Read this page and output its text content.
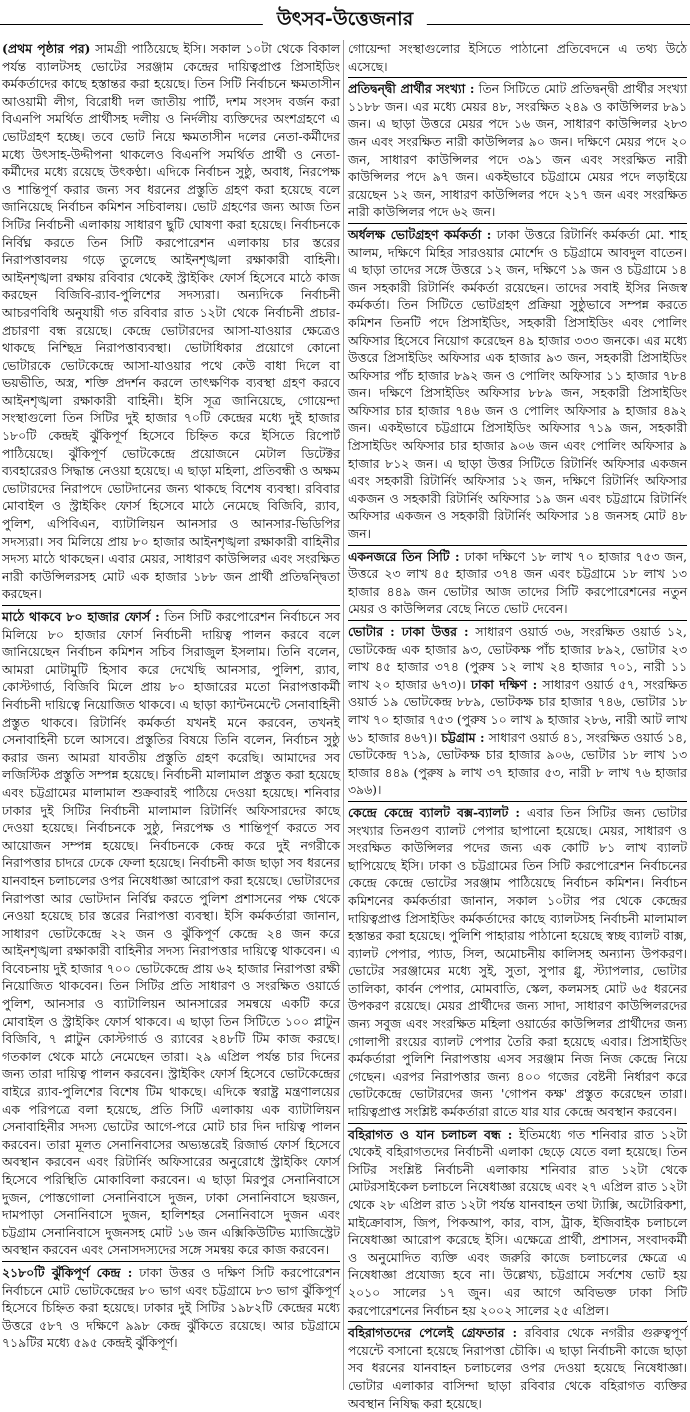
উৎসব-উত্তেজনার

(প্রথম পৃষ্ঠার পর) সামগ্রী পাঠিয়েছে ইসি। সকাল ১০টা থেকে বিকাল পর্যন্ত ব্যালটসহ ভোটের সরঞ্জাম কেন্দ্রের দায়িত্বপ্রাপ্ত প্রিসাইডিং কর্মকর্তাদের কাছে হস্তান্তর করা হয়েছে। তিন সিটি নির্বাচনে ক্ষমতাসীন আওয়ামী লীগ, বিরোধী দল জাতীয় পার্টি, দশম সংসদ বর্জন করা বিএনপি সমর্থিত প্রার্থীসহ দলীয় ও নির্দলীয় ব্যক্তিদের অংশগ্রহণে এ ভোটগ্রহণ হচ্ছে। তবে ভোট নিয়ে ক্ষমতাসীন দলের নেতা-কর্মীদের মধ্যে উৎসাহ-উদ্দীপনা থাকলেও বিএনপি সমর্থিত প্রার্থী ও নেতা-কর্মীদের মধ্যে রয়েছে উৎকণ্ঠা। এদিকে নির্বাচন সুষ্ঠু, অবাধ, নিরপেক্ষ ও শান্তিপূর্ণ করার জন্য সব ধরনের প্রস্তুতি গ্রহণ করা হয়েছে বলে জানিয়েছে নির্বাচন কমিশন সচিবালয়। ভোট গ্রহণের জন্য আজ তিন সিটির নির্বাচনী এলাকায় সাধারণ ছুটি ঘোষণা করা হয়েছে। নির্বাচনকে নির্বিঘ্ন করতে তিন সিটি করপোরেশন এলাকায় চার স্তরের নিরাপত্তাবলয় গড়ে তুলেছে আইনশৃঙ্খলা রক্ষাকারী বাহিনী। আইনশৃঙ্খলা রক্ষায় রবিবার থেকেই স্ট্রাইকিং ফোর্স হিসেবে মাঠে কাজ করছেন বিজিবি-র‍্যাব-পুলিশের সদস্যরা। অন্যদিকে নির্বাচনী আচরণবিধি অনুযায়ী গত রবিবার রাত ১২টা থেকে নির্বাচনী প্রচার-প্রচারণা বন্ধ রয়েছে। কেন্দ্রে ভোটারদের আসা-যাওয়ার ক্ষেত্রেও থাকছে নিশ্ছিদ্র নিরাপত্তাব্যবস্থা। ভোটাধিকার প্রয়োগে কোনো ভোটারকে ভোটকেন্দ্রে আসা-যাওয়ার পথে কেউ বাধা দিলে বা ভয়ভীতি, অস্ত্র, শক্তি প্রদর্শন করলে তাৎক্ষণিক ব্যবস্থা গ্রহণ করবে আইনশৃঙ্খলা রক্ষাকারী বাহিনী। ইসি সূত্র জানিয়েছে, গোয়েন্দা সংস্থাগুলো তিন সিটির দুই হাজার ৭০টি কেন্দ্রের মধ্যে দুই হাজার ১৮০টি কেন্দ্রই ঝুঁকিপূর্ণ হিসেবে চিহ্নিত করে ইসিতে রিপোর্ট পাঠিয়েছে। ঝুঁকিপূর্ণ ভোটকেন্দ্রে প্রয়োজনে মেটাল ডিটেক্টর ব্যবহারেরও সিদ্ধান্ত নেওয়া হয়েছে। এ ছাড়া মহিলা, প্রতিবন্ধী ও অক্ষম ভোটারদের নিরাপদে ভোটদানের জন্য থাকছে বিশেষ ব্যবস্থা। রবিবার মোবাইল ও স্ট্রাইকিং ফোর্স হিসেবে মাঠে নেমেছে বিজিবি, র‍্যাব, পুলিশ, এপিবিএন, ব্যাটালিয়ন আনসার ও আনসার-ভিডিপির সদস্যরা। সব মিলিয়ে প্রায় ৮০ হাজার আইনশৃঙ্খলা রক্ষাকারী বাহিনীর সদস্য মাঠে থাকছেন। এবার মেয়র, সাধারণ কাউন্সিলর এবং সংরক্ষিত নারী কাউন্সিলরসহ মোট এক হাজার ১৮৮ জন প্রার্থী প্রতিদ্বন্দ্বিতা করছেন।

মাঠে থাকবে ৮০ হাজার ফোর্স : তিন সিটি করপোরেশন নির্বাচনে সব মিলিয়ে ৮০ হাজার ফোর্স নির্বাচনী দায়িত্ব পালন করবে বলে জানিয়েছেন নির্বাচন কমিশন সচিব সিরাজুল ইসলাম। তিনি বলেন, আমরা মোটামুটি হিসাব করে দেখেছি আনসার, পুলিশ, র‍্যাব, কোস্টগার্ড, বিজিবি মিলে প্রায় ৮০ হাজারের মতো নিরাপত্তাকর্মী নির্বাচনী দায়িত্বে নিয়োজিত থাকবে। এ ছাড়া ক্যান্টনমেন্টে সেনাবাহিনী প্রস্তুত থাকবে। রিটার্নিং কর্মকর্তা যখনই মনে করবেন, তখনই সেনাবাহিনী চলে আসবে। প্রস্তুতির বিষয়ে তিনি বলেন, নির্বাচন সুষ্ঠু করার জন্য আমরা যাবতীয় প্রস্তুতি গ্রহণ করেছি। আমাদের সব লজিস্টিক প্রস্তুতি সম্পন্ন হয়েছে। নির্বাচনী মালামাল প্রস্তুত করা হয়েছে এবং চট্টগ্রামের মালামাল শুক্রবারই পাঠিয়ে দেওয়া হয়েছে। শনিবার ঢাকার দুই সিটির নির্বাচনী মালামাল রিটার্নিং অফিসারদের কাছে দেওয়া হয়েছে। নির্বাচনকে সুষ্ঠু, নিরপেক্ষ ও শান্তিপূর্ণ করতে সব আয়োজন সম্পন্ন হয়েছে। নির্বাচনকে কেন্দ্র করে দুই নগরীকে নিরাপত্তার চাদরে ঢেকে ফেলা হয়েছে। নির্বাচনী কাজ ছাড়া সব ধরনের যানবাহন চলাচলের ওপর নিষেধাজ্ঞা আরোপ করা হয়েছে। ভোটারদের নিরাপত্তা আর ভোটদান নির্বিঘ্ন করতে পুলিশ প্রশাসনের পক্ষ থেকে নেওয়া হয়েছে চার স্তরের নিরাপত্তা ব্যবস্থা। ইসি কর্মকর্তারা জানান, সাধারণ ভোটকেন্দ্রে ২২ জন ও ঝুঁকিপূর্ণ কেন্দ্রে ২৪ জন করে আইনশৃঙ্খলা রক্ষাকারী বাহিনীর সদস্য নিরাপত্তার দায়িত্বে থাকবেন। এ বিবেচনায় দুই হাজার ৭০০ ভোটকেন্দ্রে প্রায় ৬২ হাজার নিরাপত্তা রক্ষী নিয়োজিত থাকবেন। তিন সিটির প্রতি সাধারণ ও সংরক্ষিত ওয়ার্ডে পুলিশ, আনসার ও ব্যাটালিয়ন আনসারের সমন্বয়ে একটি করে মোবাইল ও স্ট্রাইকিং ফোর্স থাকবে। এ ছাড়া তিন সিটিতে ১০০ প্লাটুন বিজিবি, ৭ প্লাটুন কোস্টগার্ড ও র‍্যাবের ২৪৮টি টিম কাজ করছে। গতকাল থেকে মাঠে নেমেছেন তারা। ২৯ এপ্রিল পর্যন্ত চার দিনের জন্য তারা দায়িত্ব পালন করবেন। স্ট্রাইকিং ফোর্স হিসেবে ভোটকেন্দ্রের বাইরে র‍্যাব-পুলিশের বিশেষ টিম থাকছে। এদিকে স্বরাষ্ট্র মন্ত্রণালয়ের এক পরিপত্রে বলা হয়েছে, প্রতি সিটি এলাকায় এক ব্যাটালিয়ন সেনাবাহিনীর সদস্য ভোটের আগে-পরে মোট চার দিন দায়িত্ব পালন করবেন। তারা মূলত সেনানিবাসের অভ্যন্তরেই রিজার্ভ ফোর্স হিসেবে অবস্থান করবেন এবং রিটার্নিং অফিসারের অনুরোধে স্ট্রাইকিং ফোর্স হিসেবে পরিস্থিতি মোকাবিলা করবেন। এ ছাড়া মিরপুর সেনানিবাসে দুজন, পোস্তগোলা সেনানিবাসে দুজন, ঢাকা সেনানিবাসে ছয়জন, দামপাড়া সেনানিবাসে দুজন, হালিশহর সেনানিবাসে দুজন এবং চট্টগ্রাম সেনানিবাসে দুজনসহ মোট ১৬ জন এক্সিকিউটিভ ম্যাজিস্ট্রেট অবস্থান করবেন এবং সেনাসদস্যদের সঙ্গে সমন্বয় করে কাজ করবেন।

২১৮০টি ঝুঁকিপূর্ণ কেন্দ্র : ঢাকা উত্তর ও দক্ষিণ সিটি করপোরেশন নির্বাচনে মোট ভোটকেন্দ্রের ৮০ ভাগ এবং চট্টগ্রামে ৮৩ ভাগ ঝুঁকিপূর্ণ হিসেবে চিহ্নিত করা হয়েছে। ঢাকার দুই সিটির ১৯৮২টি কেন্দ্রের মধ্যে উত্তরে ৫৮৭ ও দক্ষিণে ৯৯৮ কেন্দ্র ঝুঁকিতে রয়েছে। আর চট্টগ্রামে ৭১৯টির মধ্যে ৫৯৫ কেন্দ্রই ঝুঁকিপূর্ণ।

গোয়েন্দা সংস্থাগুলোর ইসিতে পাঠানো প্রতিবেদনে এ তথ্য উঠে এসেছে।

প্রতিদ্বন্দ্বী প্রার্থীর সংখ্যা : তিন সিটিতে মোট প্রতিদ্বন্দ্বী প্রার্থীর সংখ্যা ১১৮৮ জন। এর মধ্যে মেয়র ৪৮, সংরক্ষিত ২৪৯ ও কাউন্সিলর ৮৯১ জন। এ ছাড়া উত্তরে মেয়র পদে ১৬ জন, সাধারণ কাউন্সিলর ২৮৩ জন এবং সংরক্ষিত নারী কাউন্সিলর ৯০ জন। দক্ষিণে মেয়র পদে ২০ জন, সাধারণ কাউন্সিলর পদে ৩৯১ জন এবং সংরক্ষিত নারী কাউন্সিলর পদে ৯৭ জন। একইভাবে চট্টগ্রামে মেয়র পদে লড়াইয়ে রয়েছেন ১২ জন, সাধারণ কাউন্সিলর পদে ২১৭ জন এবং সংরক্ষিত নারী কাউন্সিলর পদে ৬২ জন।

অর্ধলক্ষ ভোটগ্রহণ কর্মকর্তা : ঢাকা উত্তরে রিটার্নিং কর্মকর্তা মো. শাহ আলম, দক্ষিণে মিহির সারওয়ার মোর্শেদ ও চট্টগ্রামে আবদুল বাতেন। এ ছাড়া তাদের সঙ্গে উত্তরে ১২ জন, দক্ষিণে ১৯ জন ও চট্টগ্রামে ১৪ জন সহকারী রিটার্নিং কর্মকর্তা রয়েছেন। তাদের সবাই ইসির নিজস্ব কর্মকর্তা। তিন সিটিতে ভোটগ্রহণ প্রক্রিয়া সুষ্ঠুভাবে সম্পন্ন করতে কমিশন তিনটি পদে প্রিসাইডিং, সহকারী প্রিসাইডিং এবং পোলিং অফিসার হিসেবে নিয়োগ করেছেন ৪৯ হাজার ৩৩৩ জনকে। এর মধ্যে উত্তরে প্রিসাইডিং অফিসার এক হাজার ৯৩ জন, সহকারী প্রিসাইডিং অফিসার পাঁচ হাজার ৮৯২ জন ও পোলিং অফিসার ১১ হাজার ৭৮৪ জন। দক্ষিণে প্রিসাইডিং অফিসার ৮৮৯ জন, সহকারী প্রিসাইডিং অফিসার চার হাজার ৭৪৬ জন ও পোলিং অফিসার ৯ হাজার ৪৯২ জন। একইভাবে চট্টগ্রামে প্রিসাইডিং অফিসার ৭১৯ জন, সহকারী প্রিসাইডিং অফিসার চার হাজার ৯০৬ জন এবং পোলিং অফিসার ৯ হাজার ৮১২ জন। এ ছাড়া উত্তর সিটিতে রিটার্নিং অফিসার একজন এবং সহকারী রিটার্নিং অফিসার ১২ জন, দক্ষিণে রিটার্নিং অফিসার একজন ও সহকারী রিটার্নিং অফিসার ১৯ জন এবং চট্টগ্রামে রিটার্নিং অফিসার একজন ও সহকারী রিটার্নিং অফিসার ১৪ জনসহ মোট ৪৮ জন।

একনজরে তিন সিটি : ঢাকা দক্ষিণে ১৮ লাখ ৭০ হাজার ৭৫৩ জন, উত্তরে ২৩ লাখ ৪৫ হাজার ৩৭৪ জন এবং চট্টগ্রামে ১৮ লাখ ১৩ হাজার ৪৪৯ জন ভোটার আজ তাদের সিটি করপোরেশনের নতুন মেয়র ও কাউন্সিলর বেছে নিতে ভোট দেবেন।

ভোটার : ঢাকা উত্তর : সাধারণ ওয়ার্ড ৩৬, সংরক্ষিত ওয়ার্ড ১২, ভোটকেন্দ্র এক হাজার ৯৩, ভোটকক্ষ পাঁচ হাজার ৮৯২, ভোটার ২৩ লাখ ৪৫ হাজার ৩৭৪ (পুরুষ ১২ লাখ ২৪ হাজার ৭০১, নারী ১১ লাখ ২০ হাজার ৬৭৩)। ঢাকা দক্ষিণ : সাধারণ ওয়ার্ড ৫৭, সংরক্ষিত ওয়ার্ড ১৯ ভোটকেন্দ্র ৮৮৯, ভোটকক্ষ চার হাজার ৭৪৬, ভোটার ১৮ লাখ ৭০ হাজার ৭৫৩ (পুরুষ ১০ লাখ ৯ হাজার ২৮৬, নারী আট লাখ ৬১ হাজার ৪৬৭)। চট্টগ্রাম : সাধারণ ওয়ার্ড ৪১, সংরক্ষিত ওয়ার্ড ১৪, ভোটকেন্দ্র ৭১৯, ভোটকক্ষ চার হাজার ৯০৬, ভোটার ১৮ লাখ ১৩ হাজার ৪৪৯ (পুরুষ ৯ লাখ ৩৭ হাজার ৫৩, নারী ৮ লাখ ৭৬ হাজার ৩৯৬)।

কেন্দ্রে কেন্দ্রে ব্যালট বক্স-ব্যালট : এবার তিন সিটির জন্য ভোটার সংখ্যার তিনগুণ ব্যালট পেপার ছাপানো হয়েছে। মেয়র, সাধারণ ও সংরক্ষিত কাউন্সিলর পদের জন্য এক কোটি ৮১ লাখ ব্যালট ছাপিয়েছে ইসি। ঢাকা ও চট্টগ্রামের তিন সিটি করপোরেশন নির্বাচনের কেন্দ্রে কেন্দ্রে ভোটের সরঞ্জাম পাঠিয়েছে নির্বাচন কমিশন। নির্বাচন কমিশনের কর্মকর্তারা জানান, সকাল ১০টার পর থেকে কেন্দ্রের দায়িত্বপ্রাপ্ত প্রিসাইডিং কর্মকর্তাদের কাছে ব্যালটসহ নির্বাচনী মালামাল হস্তান্তর করা হয়েছে। পুলিশি পাহারায় পাঠানো হয়েছে স্বচ্ছ ব্যালট বাক্স, ব্যালট পেপার, প্যাড, সিল, অমোচনীয় কালিসহ অন্যান্য উপকরণ। ভোটের সরঞ্জামের মধ্যে সুই, সুতা, সুপার গ্লু, স্ট্যাপলার, ভোটার তালিকা, কার্বন পেপার, মোমবাতি, স্কেল, কলমসহ মোট ৬৫ ধরনের উপকরণ রয়েছে। মেয়র প্রার্থীদের জন্য সাদা, সাধারণ কাউন্সিলরদের জন্য সবুজ এবং সংরক্ষিত মহিলা ওয়ার্ডের কাউন্সিলর প্রার্থীদের জন্য গোলাপী রংয়ের ব্যালট পেপার তৈরি করা হয়েছে এবার। প্রিসাইডিং কর্মকর্তারা পুলিশি নিরাপত্তায় এসব সরঞ্জাম নিজ নিজ কেন্দ্রে নিয়ে গেছেন। এরপর নিরাপত্তার জন্য ৪০০ গজের বেষ্টনী নির্ধারণ করে ভোটকেন্দ্রে ভোটারদের জন্য 'গোপন কক্ষ' প্রস্তুত করেছেন তারা। দায়িত্বপ্রাপ্ত সংশ্লিষ্ট কর্মকর্তারা রাতে যার যার কেন্দ্রে অবস্থান করবেন।

বহিরাগত ও যান চলাচল বন্ধ : ইতিমধ্যে গত শনিবার রাত ১২টা থেকেই বহিরাগতদের নির্বাচনী এলাকা ছেড়ে যেতে বলা হয়েছে। তিন সিটির সংশ্লিষ্ট নির্বাচনী এলাকায় শনিবার রাত ১২টা থেকে মোটরসাইকেল চলাচলে নিষেধাজ্ঞা রয়েছে এবং ২৭ এপ্রিল রাত ১২টা থেকে ২৮ এপ্রিল রাত ১২টা পর্যন্ত যানবাহন তথা ট্যাক্সি, অটোরিকশা, মাইক্রোবাস, জিপ, পিকআপ, কার, বাস, ট্রাক, ইজিবাইক চলাচলে নিষেধাজ্ঞা আরোপ করেছে ইসি। এক্ষেত্রে প্রার্থী, প্রশাসন, সংবাদকর্মী ও অনুমোদিত ব্যক্তি এবং জরুরি কাজে চলাচলের ক্ষেত্রে এ নিষেধাজ্ঞা প্রযোজ্য হবে না। উল্লেখ্য, চট্টগ্রামে সর্বশেষ ভোট হয় ২০১০ সালের ১৭ জুন। এর আগে অবিভক্ত ঢাকা সিটি করপোরেশনের নির্বাচন হয় ২০০২ সালের ২৫ এপ্রিল।

বহিরাগতদের পেলেই গ্রেফতার : রবিবার থেকে নগরীর গুরুত্বপূর্ণ পয়েন্টে বসানো হয়েছে নিরাপত্তা চৌকি। এ ছাড়া নির্বাচনী কাজে ছাড়া সব ধরনের যানবাহন চলাচলের ওপর দেওয়া হয়েছে নিষেধাজ্ঞা। ভোটার এলাকার বাসিন্দা ছাড়া রবিবার থেকে বহিরাগত ব্যক্তির অবস্থান নিষিদ্ধ করা হয়েছে।
